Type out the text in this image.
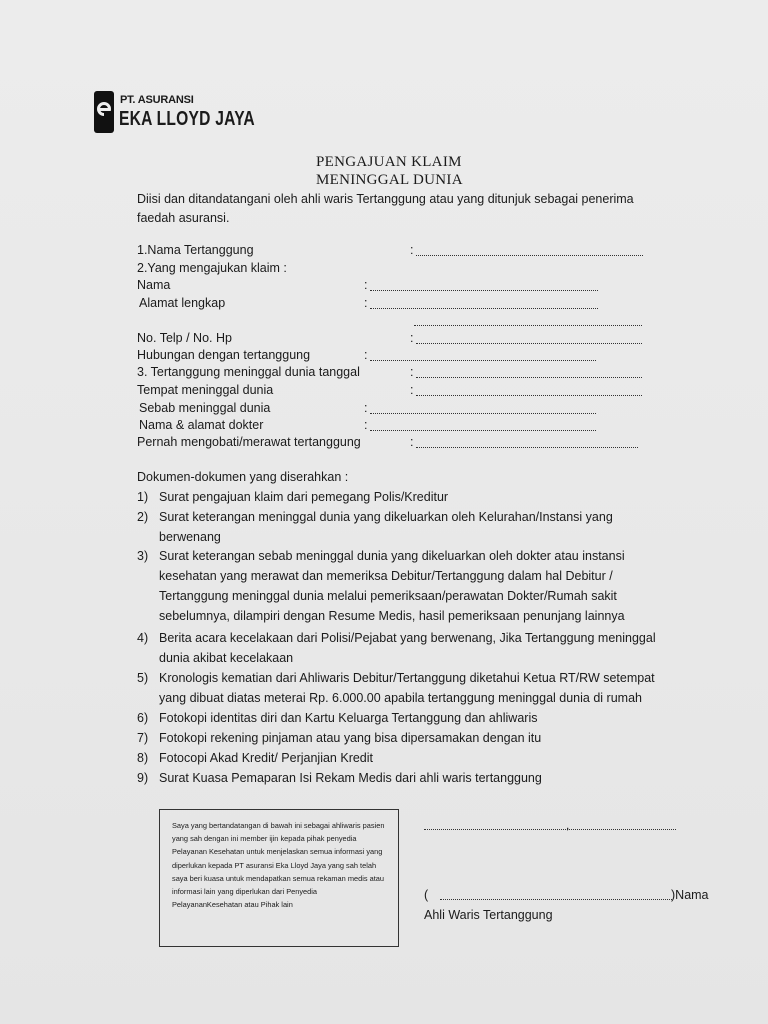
PT. ASURANSI
EKA LLOYD JAYA
PENGAJUAN KLAIM
MENINGGAL DUNIA
Diisi dan ditandatangani oleh ahli waris Tertanggung atau yang ditunjuk sebagai penerima faedah asuransi.
1.Nama Tertanggung	:
2.Yang mengajukan klaim :
Nama	:
Alamat lengkap	:
No. Telp / No. Hp	:
Hubungan dengan tertanggung	:
3. Tertanggung meninggal dunia tanggal	:
Tempat meninggal dunia	:
Sebab meninggal dunia	:
Nama & alamat dokter	:
Pernah mengobati/merawat tertanggung	:
Dokumen-dokumen yang diserahkan :
1) Surat pengajuan klaim dari pemegang Polis/Kreditur
2) Surat keterangan meninggal dunia yang dikeluarkan oleh Kelurahan/Instansi yang berwenang
3) Surat keterangan sebab meninggal dunia yang dikeluarkan oleh dokter atau instansi kesehatan yang merawat dan memeriksa Debitur/Tertanggung dalam hal Debitur / Tertanggung meninggal dunia melalui pemeriksaan/perawatan Dokter/Rumah sakit sebelumnya, dilampiri dengan Resume Medis, hasil pemeriksaan penunjang lainnya
4) Berita acara kecelakaan dari Polisi/Pejabat yang berwenang, Jika Tertanggung meninggal dunia akibat kecelakaan
5) Kronologis kematian dari Ahliwaris Debitur/Tertanggung diketahui Ketua RT/RW setempat yang dibuat diatas meterai Rp. 6.000.00 apabila tertanggung meninggal dunia di rumah
6) Fotokopi identitas diri dan Kartu Keluarga Tertanggung dan ahliwaris
7) Fotokopi rekening pinjaman atau yang bisa dipersamakan dengan itu
8) Fotocopi Akad Kredit/ Perjanjian Kredit
9) Surat Kuasa Pemaparan Isi Rekam Medis dari ahli waris tertanggung
Saya yang bertandatangan di bawah ini sebagai ahliwaris pasien yang sah dengan ini member ijin kepada pihak penyedia Pelayanan Kesehatan untuk menjelaskan semua informasi yang diperlukan kepada PT asuransi Eka Lloyd Jaya yang sah telah saya beri kuasa untuk mendapatkan semua rekaman medis atau informasi lain yang diperlukan dari Penyedia PelayananKesehatan atau Pihak lain
,
(	)Nama
Ahli Waris Tertanggung
